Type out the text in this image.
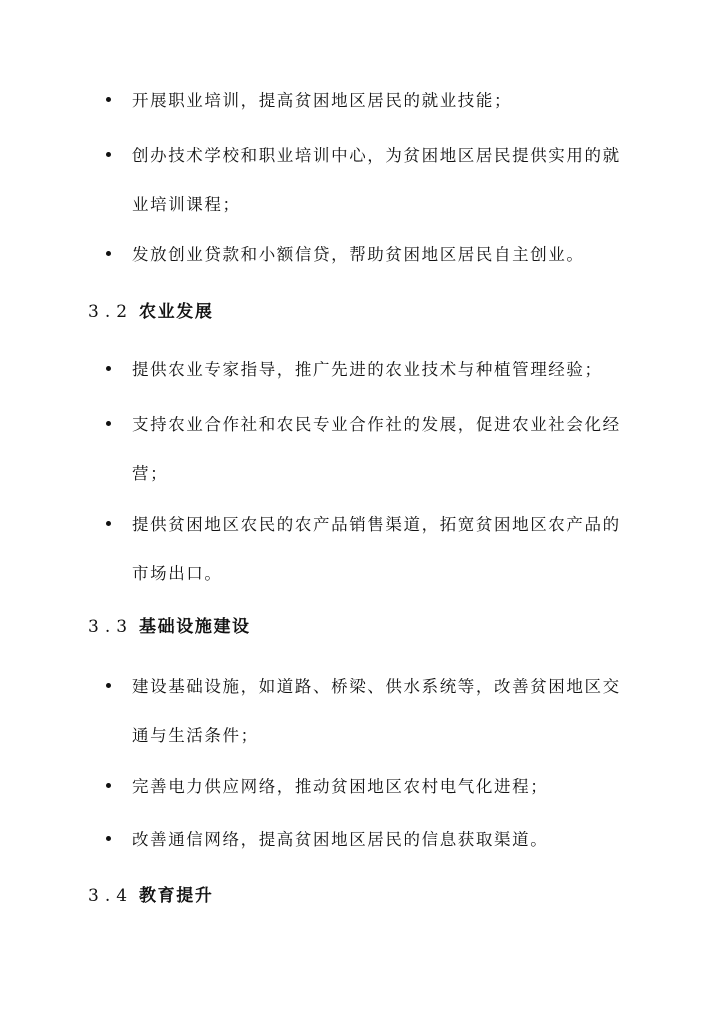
开展职业培训，提高贫困地区居民的就业技能；
创办技术学校和职业培训中心，为贫困地区居民提供实用的就业培训课程；
发放创业贷款和小额信贷，帮助贫困地区居民自主创业。
3.2 农业发展
提供农业专家指导，推广先进的农业技术与种植管理经验；
支持农业合作社和农民专业合作社的发展，促进农业社会化经营；
提供贫困地区农民的农产品销售渠道，拓宽贫困地区农产品的市场出口。
3.3 基础设施建设
建设基础设施，如道路、桥梁、供水系统等，改善贫困地区交通与生活条件；
完善电力供应网络，推动贫困地区农村电气化进程；
改善通信网络，提高贫困地区居民的信息获取渠道。
3.4 教育提升
